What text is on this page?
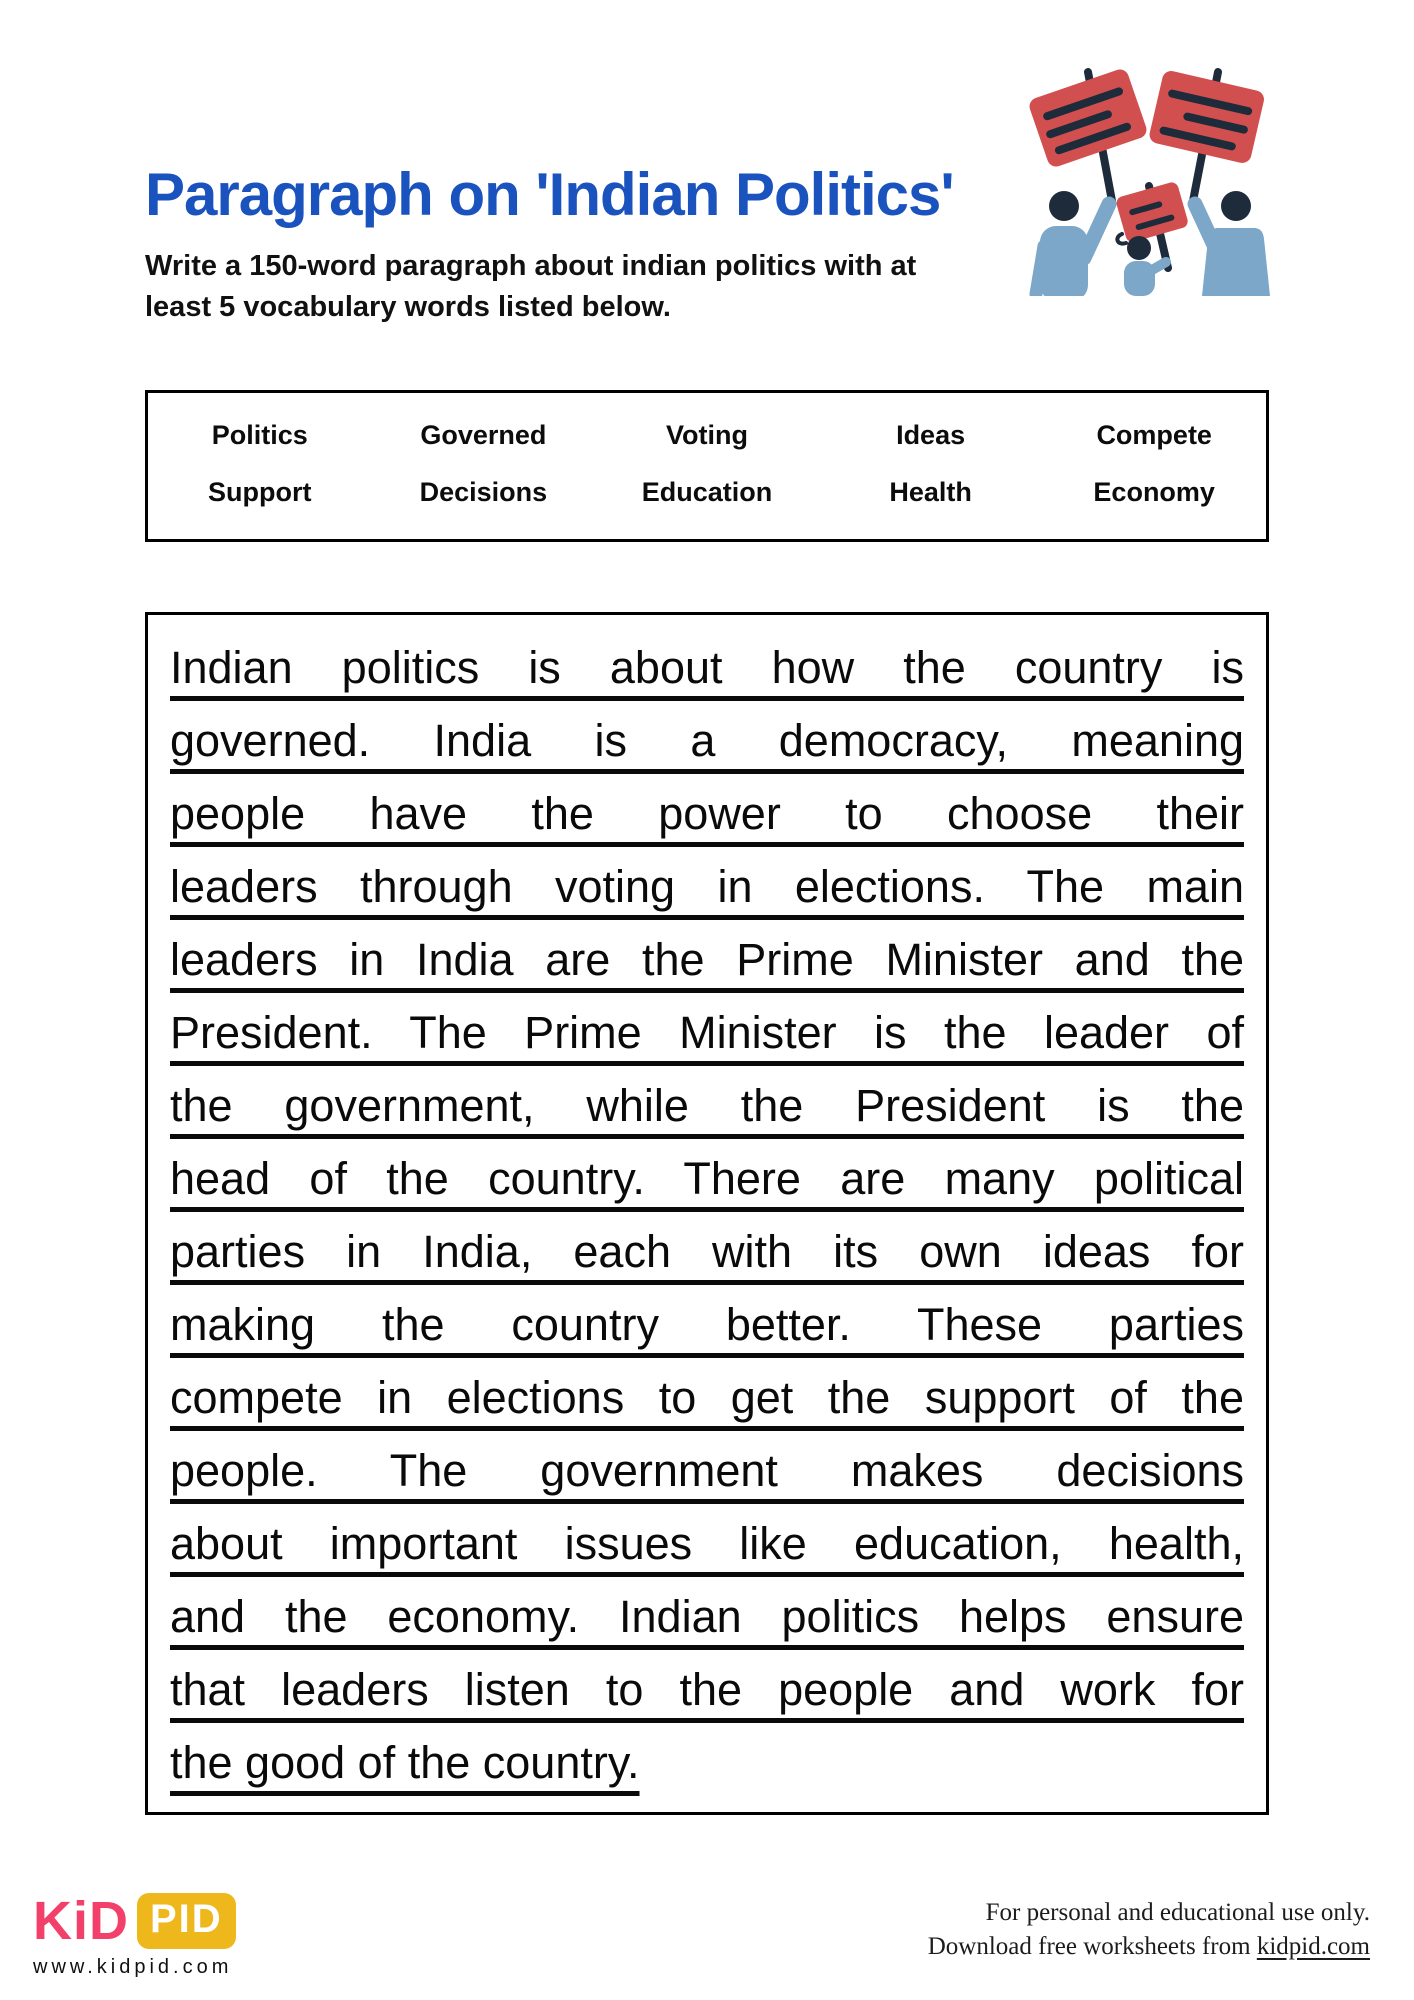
Paragraph on 'Indian Politics'
Write a 150-word paragraph about indian politics with at
least 5 vocabulary words listed below.
Politics	Governed	Voting	Ideas	Compete
Support	Decisions	Education	Health	Economy
Indian politics is about how the country is
governed. India is a democracy, meaning
people have the power to choose their
leaders through voting in elections. The main
leaders in India are the Prime Minister and the
President. The Prime Minister is the leader of
the government, while the President is the
head of the country. There are many political
parties in India, each with its own ideas for
making the country better. These parties
compete in elections to get the support of the
people. The government makes decisions
about important issues like education, health,
and the economy. Indian politics helps ensure
that leaders listen to the people and work for
the good of the country.
KiD PID
www.kidpid.com
For personal and educational use only.
Download free worksheets from kidpid.com
